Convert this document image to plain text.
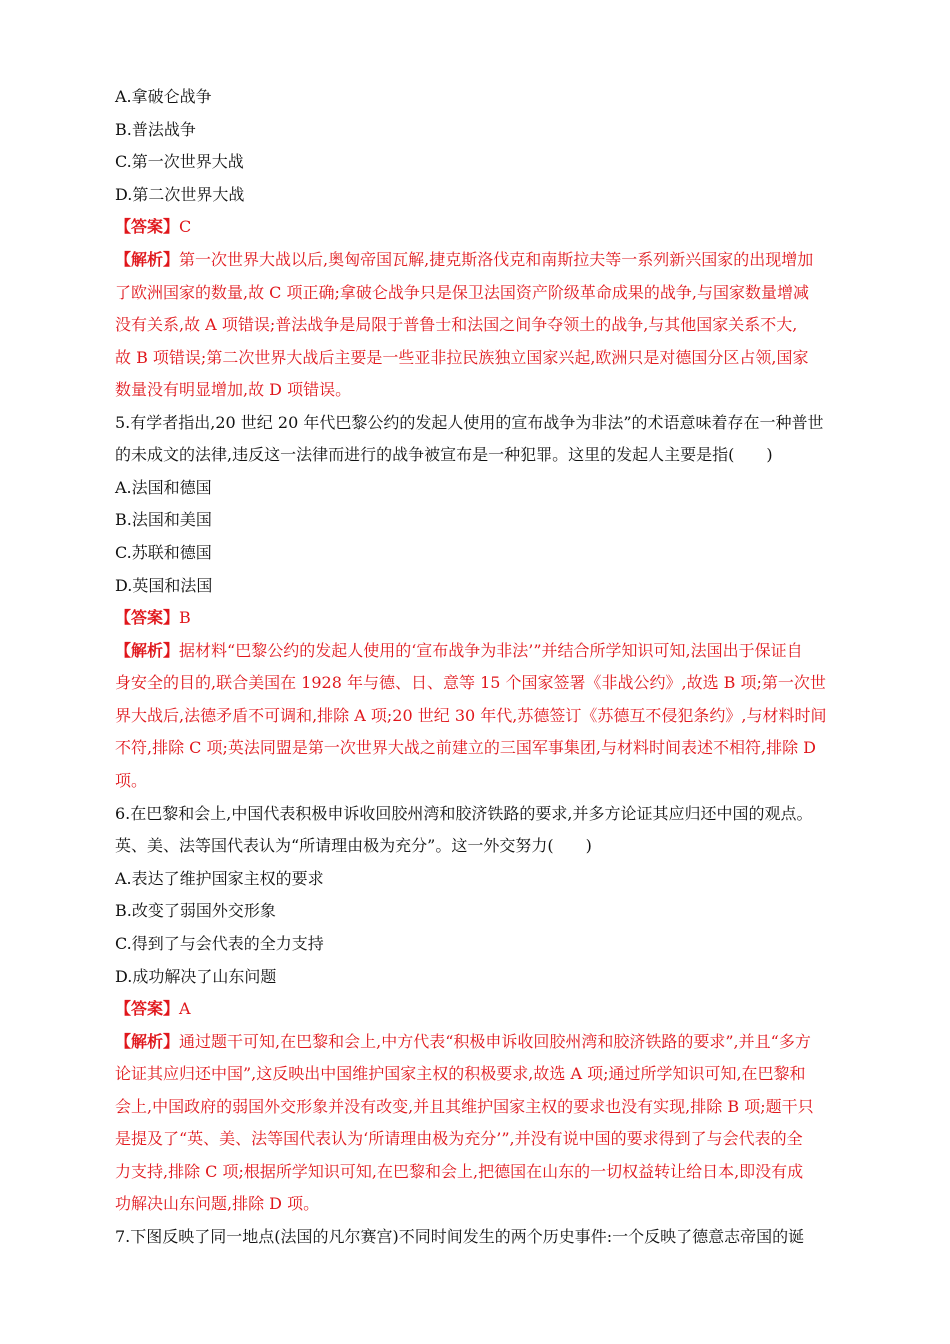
A.拿破仑战争
B.普法战争
C.第一次世界大战
D.第二次世界大战
【答案】C
【解析】第一次世界大战以后,奥匈帝国瓦解,捷克斯洛伐克和南斯拉夫等一系列新兴国家的出现增加
了欧洲国家的数量,故 C 项正确;拿破仑战争只是保卫法国资产阶级革命成果的战争,与国家数量增减
没有关系,故 A 项错误;普法战争是局限于普鲁士和法国之间争夺领土的战争,与其他国家关系不大,
故 B 项错误;第二次世界大战后主要是一些亚非拉民族独立国家兴起,欧洲只是对德国分区占领,国家
数量没有明显增加,故 D 项错误。
5.有学者指出,20 世纪 20 年代巴黎公约的发起人使用的宣布战争为非法”的术语意味着存在一种普世
的未成文的法律,违反这一法律而进行的战争被宣布是一种犯罪。这里的发起人主要是指(　　)
A.法国和德国
B.法国和美国
C.苏联和德国
D.英国和法国
【答案】B
【解析】据材料“巴黎公约的发起人使用的‘宣布战争为非法’”并结合所学知识可知,法国出于保证自
身安全的目的,联合美国在 1928 年与德、日、意等 15 个国家签署《非战公约》,故选 B 项;第一次世
界大战后,法德矛盾不可调和,排除 A 项;20 世纪 30 年代,苏德签订《苏德互不侵犯条约》,与材料时间
不符,排除 C 项;英法同盟是第一次世界大战之前建立的三国军事集团,与材料时间表述不相符,排除 D
项。
6.在巴黎和会上,中国代表积极申诉收回胶州湾和胶济铁路的要求,并多方论证其应归还中国的观点。
英、美、法等国代表认为“所请理由极为充分”。这一外交努力(　　)
A.表达了维护国家主权的要求
B.改变了弱国外交形象
C.得到了与会代表的全力支持
D.成功解决了山东问题
【答案】A
【解析】通过题干可知,在巴黎和会上,中方代表“积极申诉收回胶州湾和胶济铁路的要求”,并且“多方
论证其应归还中国”,这反映出中国维护国家主权的积极要求,故选 A 项;通过所学知识可知,在巴黎和
会上,中国政府的弱国外交形象并没有改变,并且其维护国家主权的要求也没有实现,排除 B 项;题干只
是提及了“英、美、法等国代表认为‘所请理由极为充分’”,并没有说中国的要求得到了与会代表的全
力支持,排除 C 项;根据所学知识可知,在巴黎和会上,把德国在山东的一切权益转让给日本,即没有成
功解决山东问题,排除 D 项。
7.下图反映了同一地点(法国的凡尔赛宫)不同时间发生的两个历史事件:一个反映了德意志帝国的诞
